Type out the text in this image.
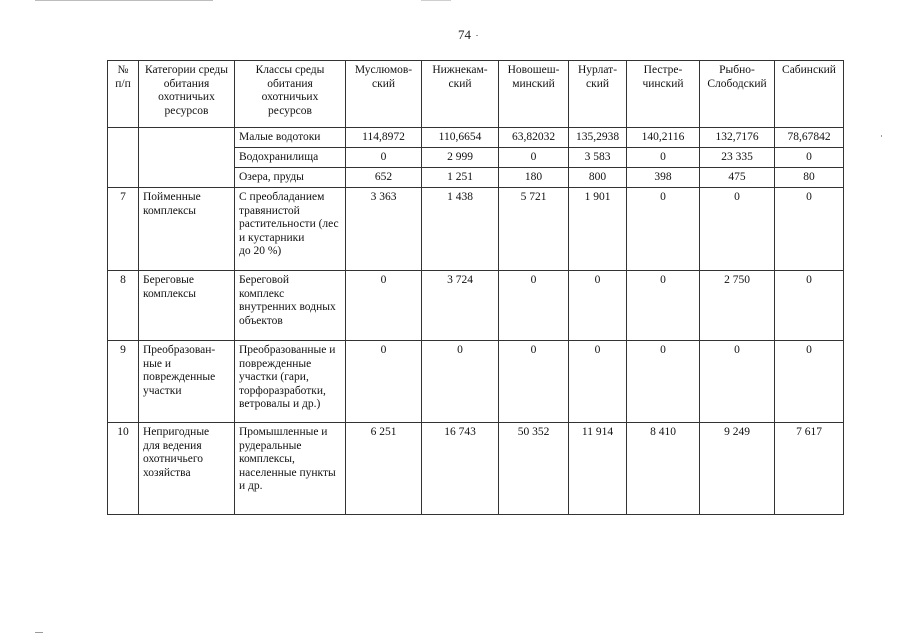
74
№
п/п	Категории среды
обитания
охотничьих
ресурсов	Классы среды
обитания
охотничьих
ресурсов	Муслюмов-
ский	Нижнекам-
ский	Новошеш-
минский	Нурлат-
ский	Пестре-
чинский	Рыбно-
Слободский	Сабинский
		Малые водотоки	114,8972	110,6654	63,82032	135,2938	140,2116	132,7176	78,67842
		Водохранилища	0	2 999	0	3 583	0	23 335	0
		Озера, пруды	652	1 251	180	800	398	475	80
7	Пойменные
комплексы	С преобладанием
травянистой
растительности (лес
и кустарники
до 20 %)	3 363	1 438	5 721	1 901	0	0	0
8	Береговые
комплексы	Береговой
комплекс
внутренних водных
объектов	0	3 724	0	0	0	2 750	0
9	Преобразован-
ные и
поврежденные
участки	Преобразованные и
поврежденные
участки (гари,
торфоразработки,
ветровалы и др.)	0	0	0	0	0	0	0
10	Непригодные
для ведения
охотничьего
хозяйства	Промышленные и
рудеральные
комплексы,
населенные пункты
и др.	6 251	16 743	50 352	11 914	8 410	9 249	7 617
